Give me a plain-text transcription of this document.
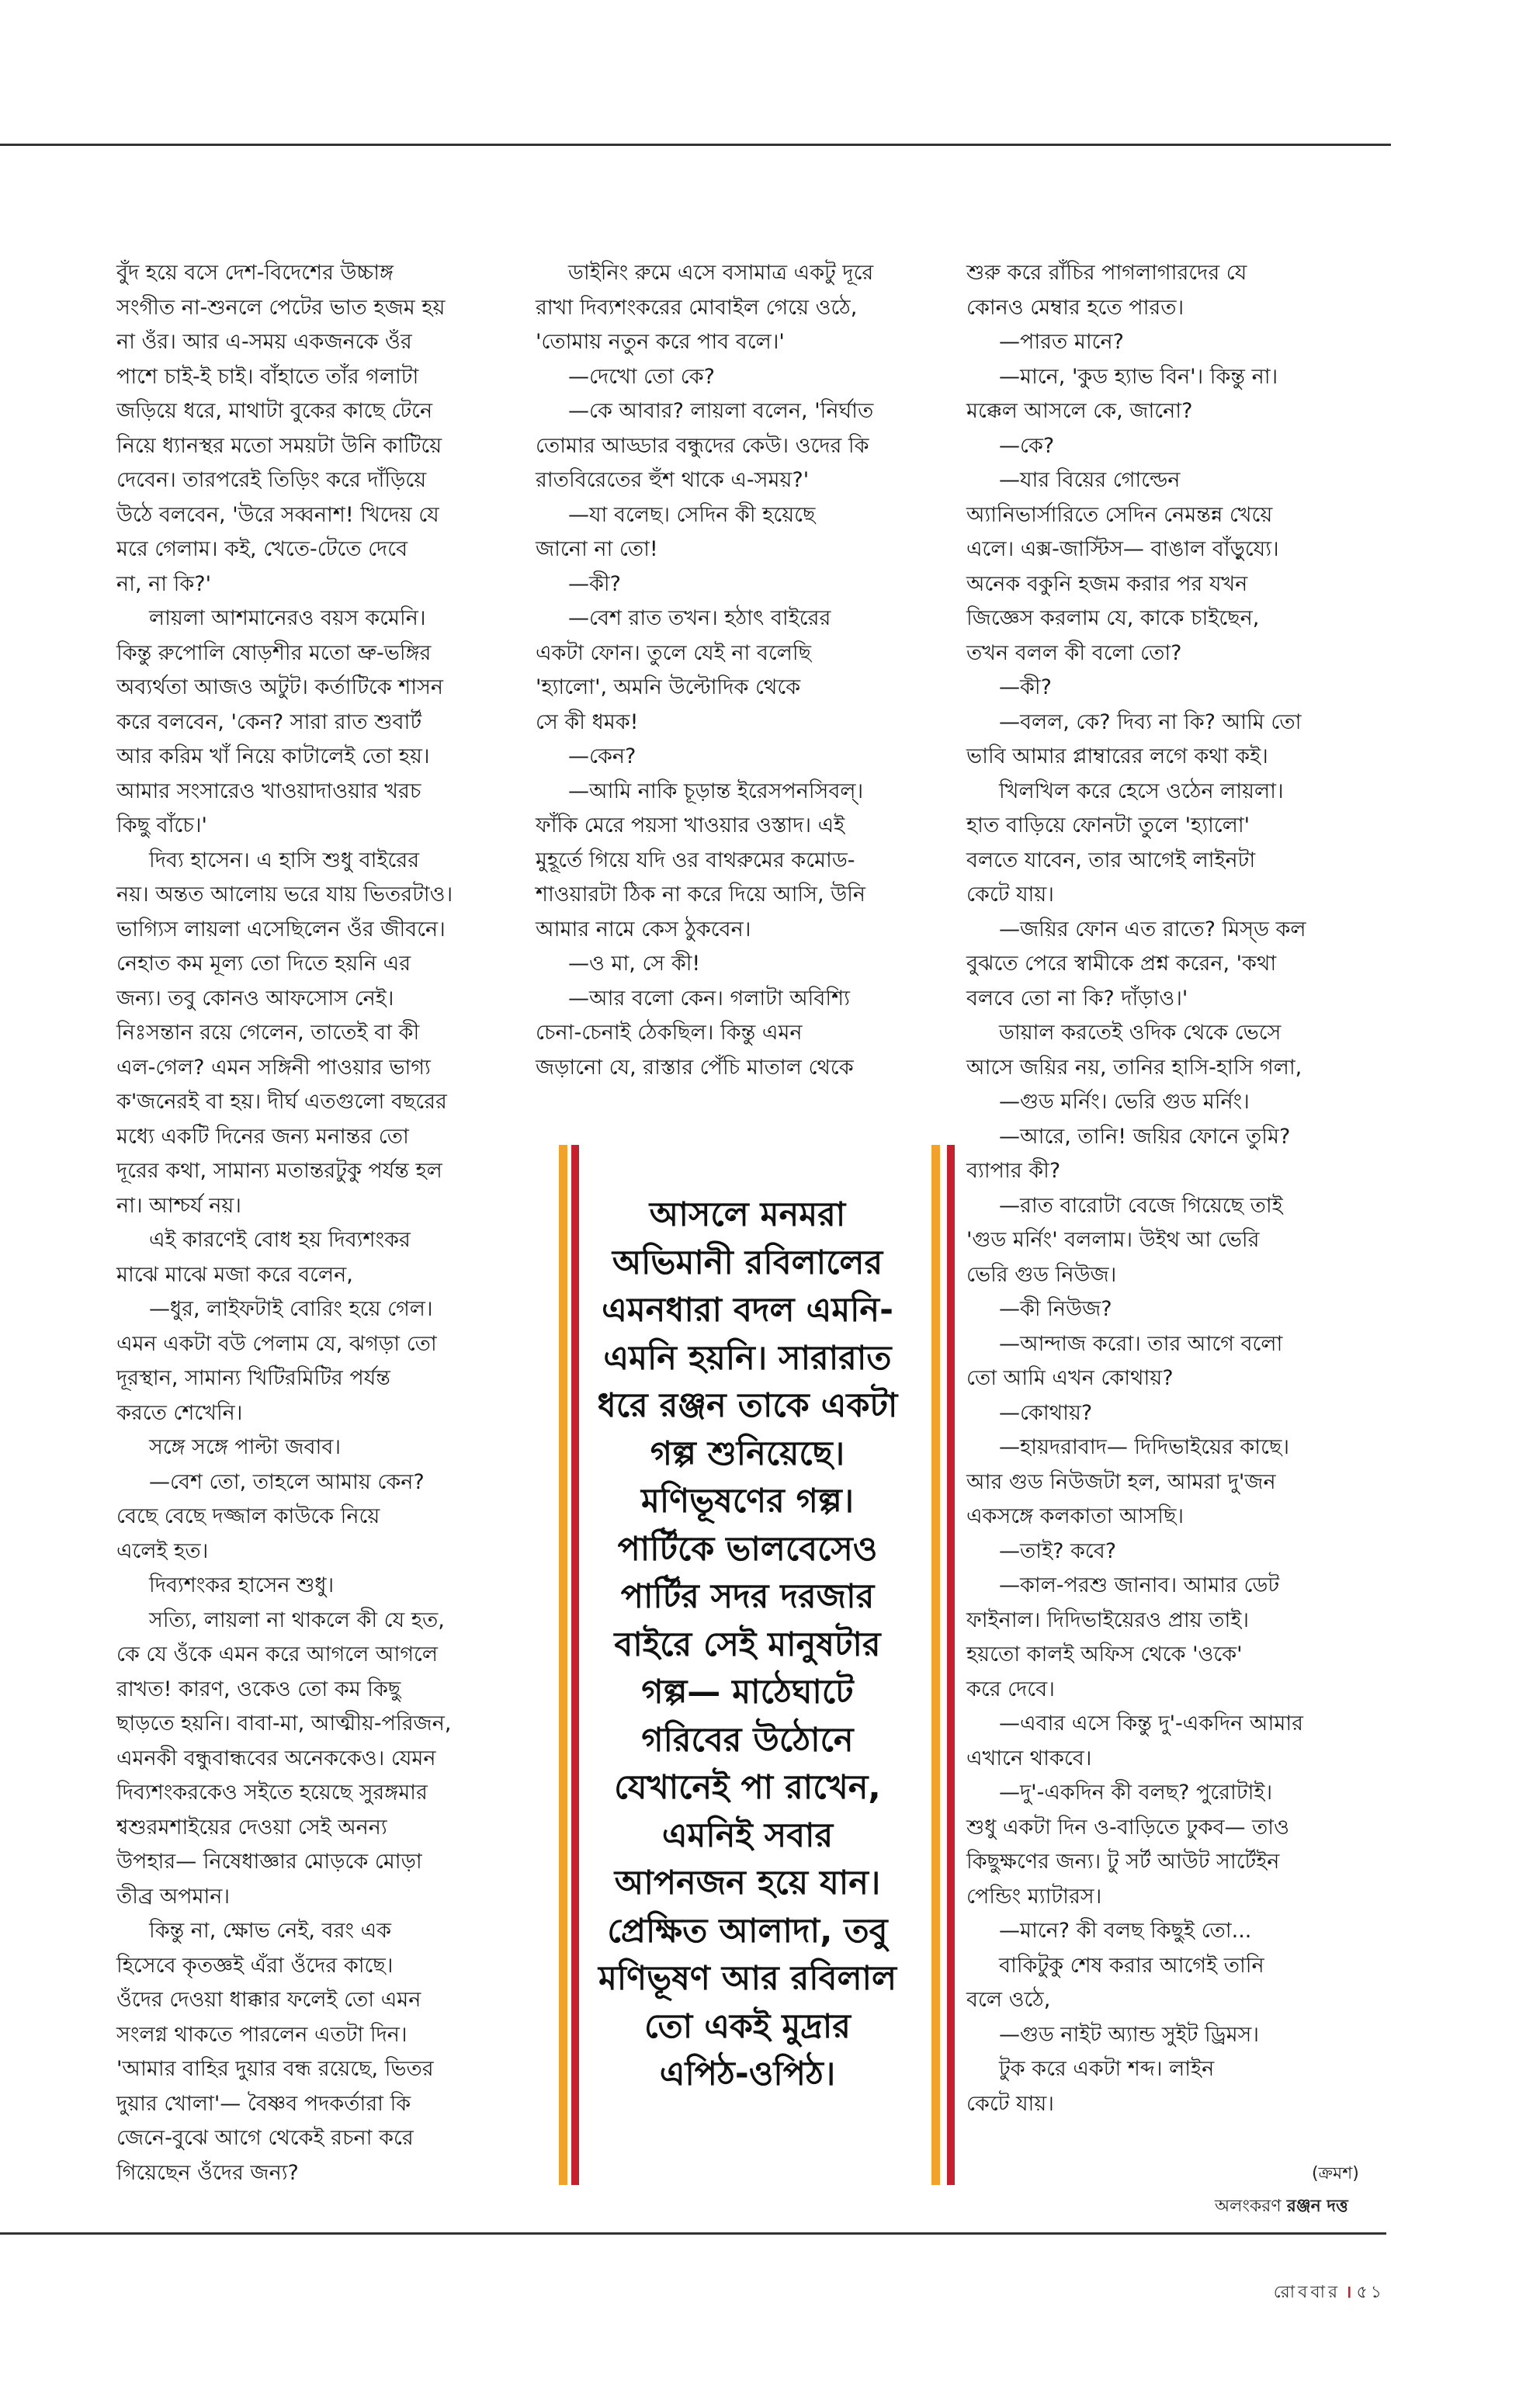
বুঁদ হয়ে বসে দেশ-বিদেশের উচ্চাঙ্গ

সংগীত না-শুনলে পেটের ভাত হজম হয়

না ওঁর। আর এ-সময় একজনকে ওঁর

পাশে চাই-ই চাই। বাঁহাতে তাঁর গলাটা

জড়িয়ে ধরে, মাথাটা বুকের কাছে টেনে

নিয়ে ধ্যানস্থর মতো সময়টা উনি কাটিয়ে

দেবেন। তারপরেই তিড়িং করে দাঁড়িয়ে

উঠে বলবেন, 'উরে সব্বনাশ! খিদেয় যে

মরে গেলাম। কই, খেতে-টেতে দেবে

না, না কি?'

লায়লা আশমানেরও বয়স কমেনি।

কিন্তু রুপোলি ষোড়শীর মতো ভ্রু-ভঙ্গির

অব্যর্থতা আজও অটুট। কর্তাটিকে শাসন

করে বলবেন, 'কেন? সারা রাত শুবার্ট

আর করিম খাঁ নিয়ে কাটালেই তো হয়।

আমার সংসারেও খাওয়াদাওয়ার খরচ

কিছু বাঁচে।'

দিব্য হাসেন। এ হাসি শুধু বাইরের

নয়। অন্তত আলোয় ভরে যায় ভিতরটাও।

ভাগ্যিস লায়লা এসেছিলেন ওঁর জীবনে।

নেহাত কম মূল্য তো দিতে হয়নি এর

জন্য। তবু কোনও আফসোস নেই।

নিঃসন্তান রয়ে গেলেন, তাতেই বা কী

এল-গেল? এমন সঙ্গিনী পাওয়ার ভাগ্য

ক'জনেরই বা হয়। দীর্ঘ এতগুলো বছরের

মধ্যে একটি দিনের জন্য মনান্তর তো

দূরের কথা, সামান্য মতান্তরটুকু পর্যন্ত হল

না। আশ্চর্য নয়।

এই কারণেই বোধ হয় দিব্যশংকর

মাঝে মাঝে মজা করে বলেন,

—ধুর, লাইফটাই বোরিং হয়ে গেল।

এমন একটা বউ পেলাম যে, ঝগড়া তো

দূরস্থান, সামান্য খিটিরমিটির পর্যন্ত

করতে শেখেনি।

সঙ্গে সঙ্গে পাল্টা জবাব।

—বেশ তো, তাহলে আমায় কেন?

বেছে বেছে দজ্জাল কাউকে নিয়ে

এলেই হত।

দিব্যশংকর হাসেন শুধু।

সত্যি, লায়লা না থাকলে কী যে হত,

কে যে ওঁকে এমন করে আগলে আগলে

রাখত! কারণ, ওকেও তো কম কিছু

ছাড়তে হয়নি। বাবা-মা, আত্মীয়-পরিজন,

এমনকী বন্ধুবান্ধবের অনেককেও। যেমন

দিব্যশংকরকেও সইতে হয়েছে সুরঙ্গমার

শ্বশুরমশাইয়ের দেওয়া সেই অনন্য

উপহার— নিষেধাজ্ঞার মোড়কে মোড়া

তীব্র অপমান।

কিন্তু না, ক্ষোভ নেই, বরং এক

হিসেবে কৃতজ্ঞই এঁরা ওঁদের কাছে।

ওঁদের দেওয়া ধাক্কার ফলেই তো এমন

সংলগ্ন থাকতে পারলেন এতটা দিন।

'আমার বাহির দুয়ার বন্ধ রয়েছে, ভিতর

দুয়ার খোলা'— বৈষ্ণব পদকর্তারা কি

জেনে-বুঝে আগে থেকেই রচনা করে

গিয়েছেন ওঁদের জন্য?

ডাইনিং রুমে এসে বসামাত্র একটু দূরে

রাখা দিব্যশংকরের মোবাইল গেয়ে ওঠে,

'তোমায় নতুন করে পাব বলে।'

—দেখো তো কে?

—কে আবার? লায়লা বলেন, 'নির্ঘাত

তোমার আড্ডার বন্ধুদের কেউ। ওদের কি

রাতবিরেতের হুঁশ থাকে এ-সময়?'

—যা বলেছ। সেদিন কী হয়েছে

জানো না তো!

—কী?

—বেশ রাত তখন। হঠাৎ বাইরের

একটা ফোন। তুলে যেই না বলেছি

'হ্যালো', অমনি উল্টোদিক থেকে

সে কী ধমক!

—কেন?

—আমি নাকি চূড়ান্ত ইরেসপনসিবল্‌।

ফাঁকি মেরে পয়সা খাওয়ার ওস্তাদ। এই

মুহূর্তে গিয়ে যদি ওর বাথরুমের কমোড-

শাওয়ারটা ঠিক না করে দিয়ে আসি, উনি

আমার নামে কেস ঠুকবেন।

—ও মা, সে কী!

—আর বলো কেন। গলাটা অবিশ্যি

চেনা-চেনাই ঠেকছিল। কিন্তু এমন

জড়ানো যে, রাস্তার পেঁচি মাতাল থেকে

আসলে মনমরা অভিমানী রবিলালের এমনধারা বদল এমনি-এমনি হয়নি। সারারাত ধরে রঞ্জন তাকে একটা গল্প শুনিয়েছে। মণিভূষণের গল্প। পার্টিকে ভালবেসেও পার্টির সদর দরজার বাইরে সেই মানুষটার গল্প— মাঠেঘাটে গরিবের উঠোনে যেখানেই পা রাখেন, এমনিই সবার আপনজন হয়ে যান। প্রেক্ষিত আলাদা, তবু মণিভূষণ আর রবিলাল তো একই মুদ্রার এপিঠ-ওপিঠ।

শুরু করে রাঁচির পাগলাগারদের যে

কোনও মেম্বার হতে পারত।

—পারত মানে?

—মানে, 'কুড হ্যাভ বিন'। কিন্তু না।

মক্কেল আসলে কে, জানো?

—কে?

—যার বিয়ের গোল্ডেন

অ্যানিভার্সারিতে সেদিন নেমন্তন্ন খেয়ে

এলে। এক্স-জাস্টিস— বাঙাল বাঁড়ুয্যে।

অনেক বকুনি হজম করার পর যখন

জিজ্ঞেস করলাম যে, কাকে চাইছেন,

তখন বলল কী বলো তো?

—কী?

—বলল, কে? দিব্য না কি? আমি তো

ভাবি আমার প্লাম্বারের লগে কথা কই।

খিলখিল করে হেসে ওঠেন লায়লা।

হাত বাড়িয়ে ফোনটা তুলে 'হ্যালো'

বলতে যাবেন, তার আগেই লাইনটা

কেটে যায়।

—জয়ির ফোন এত রাতে? মিস্‌ড কল

বুঝতে পেরে স্বামীকে প্রশ্ন করেন, 'কথা

বলবে তো না কি? দাঁড়াও।'

ডায়াল করতেই ওদিক থেকে ভেসে

আসে জয়ির নয়, তানির হাসি-হাসি গলা,

—গুড মর্নিং। ভেরি গুড মর্নিং।

—আরে, তানি! জয়ির ফোনে তুমি?

ব্যাপার কী?

—রাত বারোটা বেজে গিয়েছে তাই

'গুড মর্নিং' বললাম। উইথ আ ভেরি

ভেরি গুড নিউজ।

—কী নিউজ?

—আন্দাজ করো। তার আগে বলো

তো আমি এখন কোথায়?

—কোথায়?

—হায়দরাবাদ— দিদিভাইয়ের কাছে।

আর গুড নিউজটা হল, আমরা দু'জন

একসঙ্গে কলকাতা আসছি।

—তাই? কবে?

—কাল-পরশু জানাব। আমার ডেট

ফাইনাল। দিদিভাইয়েরও প্রায় তাই।

হয়তো কালই অফিস থেকে 'ওকে'

করে দেবে।

—এবার এসে কিন্তু দু'-একদিন আমার

এখানে থাকবে।

—দু'-একদিন কী বলছ? পুরোটাই।

শুধু একটা দিন ও-বাড়িতে ঢুকব— তাও

কিছুক্ষণের জন্য। টু সর্ট আউট সার্টেইন

পেন্ডিং ম্যাটারস।

—মানে? কী বলছ কিছুই তো...

বাকিটুকু শেষ করার আগেই তানি

বলে ওঠে,

—গুড নাইট অ্যান্ড সুইট ড্রিমস।

টুক করে একটা শব্দ। লাইন

কেটে যায়।

(ক্রমশ)
অলংকরণ রঞ্জন দত্ত
রোববার । ৫১
